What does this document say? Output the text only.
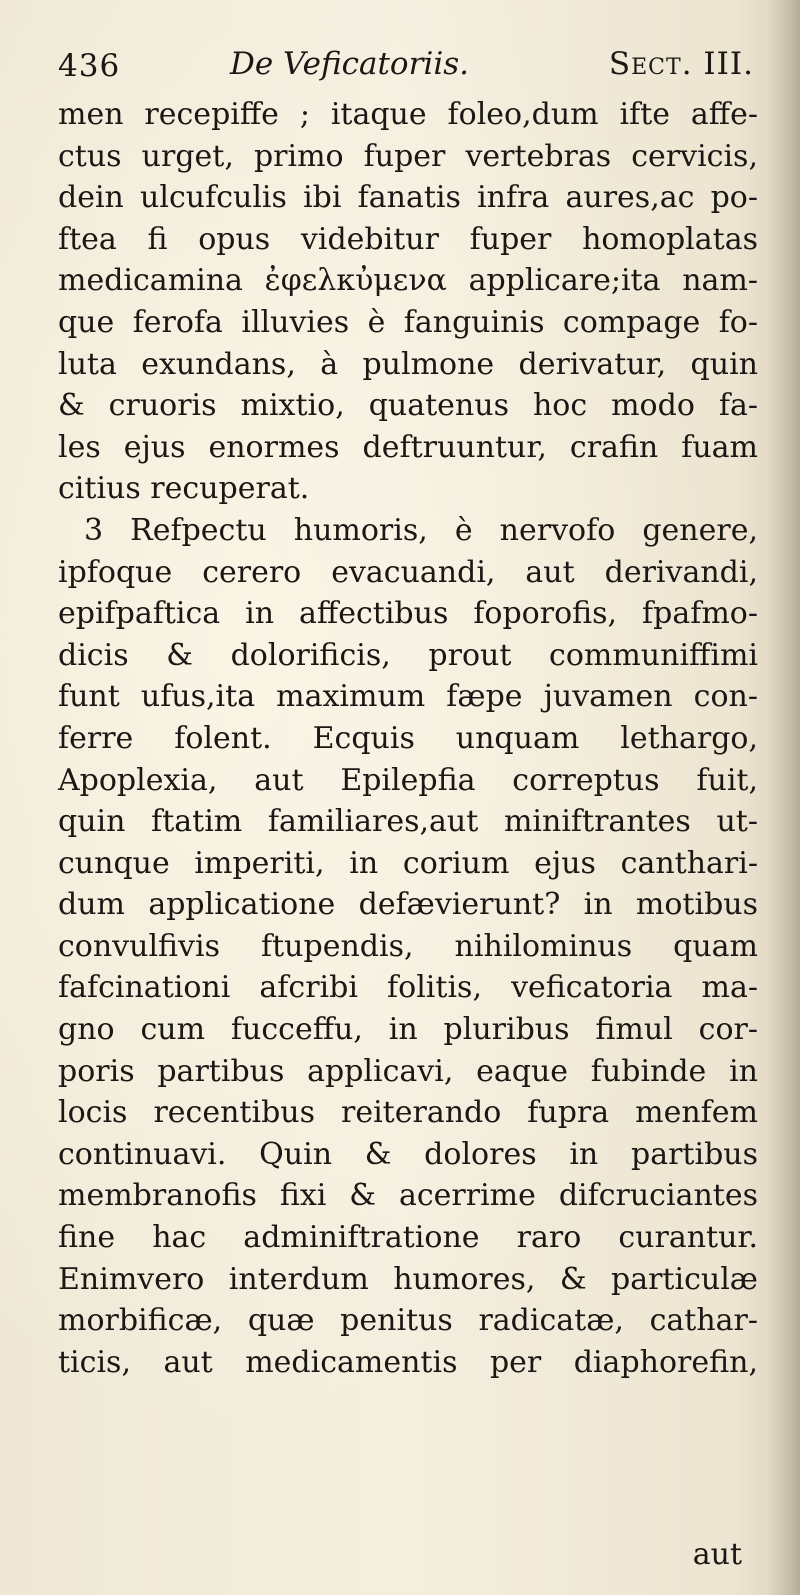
436	De Veficatoriis.	Sect. III.
men recepiffe ; itaque foleo,dum ifte affe-
ctus urget, primo fuper vertebras cervicis,
dein ulcufculis ibi fanatis infra aures,ac po-
ftea fi opus videbitur fuper homoplatas
medicamina ἐφελκὐμενα applicare;ita nam-
que ferofa illuvies è fanguinis compage fo-
luta exundans, à pulmone derivatur, quin
& cruoris mixtio, quatenus hoc modo fa-
les ejus enormes deftruuntur, crafin fuam
citius recuperat.
3 Refpectu humoris, è nervofo genere,
ipfoque cerero evacuandi, aut derivandi,
epifpaftica in affectibus foporofis, fpafmo-
dicis & dolorificis, prout communiffimi
funt ufus,ita maximum fæpe juvamen con-
ferre folent. Ecquis unquam lethargo,
Apoplexia, aut Epilepfia correptus fuit,
quin ftatim familiares,aut miniftrantes ut-
cunque imperiti, in corium ejus canthari-
dum applicatione defævierunt? in motibus
convulfivis ftupendis, nihilominus quam
fafcinationi afcribi folitis, veficatoria ma-
gno cum fucceffu, in pluribus fimul cor-
poris partibus applicavi, eaque fubinde in
locis recentibus reiterando fupra menfem
continuavi. Quin & dolores in partibus
membranofis fixi & acerrime difcruciantes
fine hac adminiftratione raro curantur.
Enimvero interdum humores, & particulæ
morbificæ, quæ penitus radicatæ, cathar-
ticis, aut medicamentis per diaphorefin,
aut
